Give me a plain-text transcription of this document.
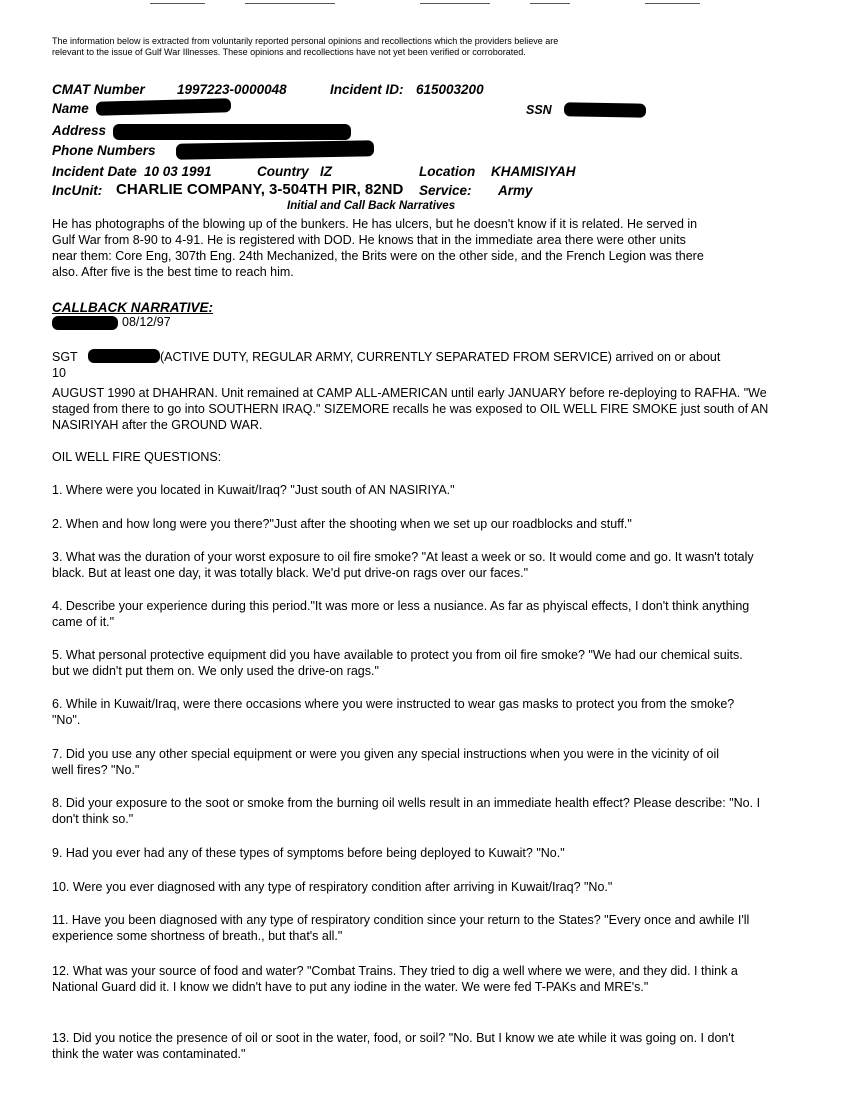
The information below is extracted from voluntarily reported personal opinions and recollections which the providers believe are relevant to the issue of Gulf War Illnesses. These opinions and recollections have not yet been verified or corroborated.
CMAT Number 1997223-0000048	Incident ID: 615003200
Name	SSN
Address
Phone Numbers
Incident Date 10 03 1991	Country IZ	Location KHAMISIYAH
IncUnit: CHARLIE COMPANY, 3-504TH PIR, 82ND Service: Army
Initial and Call Back Narratives
He has photographs of the blowing up of the bunkers. He has ulcers, but he doesn't know if it is related. He served in Gulf War from 8-90 to 4-91. He is registered with DOD. He knows that in the immediate area there were other units near them: Core Eng, 307th Eng. 24th Mechanized, the Brits were on the other side, and the French Legion was there also. After five is the best time to reach him.
CALLBACK NARRATIVE:
08/12/97
SGT	(ACTIVE DUTY, REGULAR ARMY, CURRENTLY SEPARATED FROM SERVICE) arrived on or about
10
AUGUST 1990 at DHAHRAN. Unit remained at CAMP ALL-AMERICAN until early JANUARY before re-deploying to RAFHA. "We staged from there to go into SOUTHERN IRAQ." SIZEMORE recalls he was exposed to OIL WELL FIRE SMOKE just south of AN NASIRIYAH after the GROUND WAR.
OIL WELL FIRE QUESTIONS:
1. Where were you located in Kuwait/Iraq? "Just south of AN NASIRIYA."
2. When and how long were you there?"Just after the shooting when we set up our roadblocks and stuff."
3. What was the duration of your worst exposure to oil fire smoke? "At least a week or so. It would come and go. It wasn't totaly black. But at least one day, it was totally black. We'd put drive-on rags over our faces."
4. Describe your experience during this period."It was more or less a nusiance. As far as phyiscal effects, I don't think anything came of it."
5. What personal protective equipment did you have available to protect you from oil fire smoke? "We had our chemical suits. but we didn't put them on. We only used the drive-on rags."
6. While in Kuwait/Iraq, were there occasions where you were instructed to wear gas masks to protect you from the smoke? "No".
7. Did you use any other special equipment or were you given any special instructions when you were in the vicinity of oil well fires? "No."
8. Did your exposure to the soot or smoke from the burning oil wells result in an immediate health effect? Please describe: "No. I don't think so."
9. Had you ever had any of these types of symptoms before being deployed to Kuwait? "No."
10. Were you ever diagnosed with any type of respiratory condition after arriving in Kuwait/Iraq? "No."
11. Have you been diagnosed with any type of respiratory condition since your return to the States? "Every once and awhile I'll experience some shortness of breath., but that's all."
12. What was your source of food and water? "Combat Trains. They tried to dig a well where we were, and they did. I think a National Guard did it. I know we didn't have to put any iodine in the water. We were fed T-PAKs and MRE's."
13. Did you notice the presence of oil or soot in the water, food, or soil? "No. But I know we ate while it was going on. I don't think the water was contaminated."
